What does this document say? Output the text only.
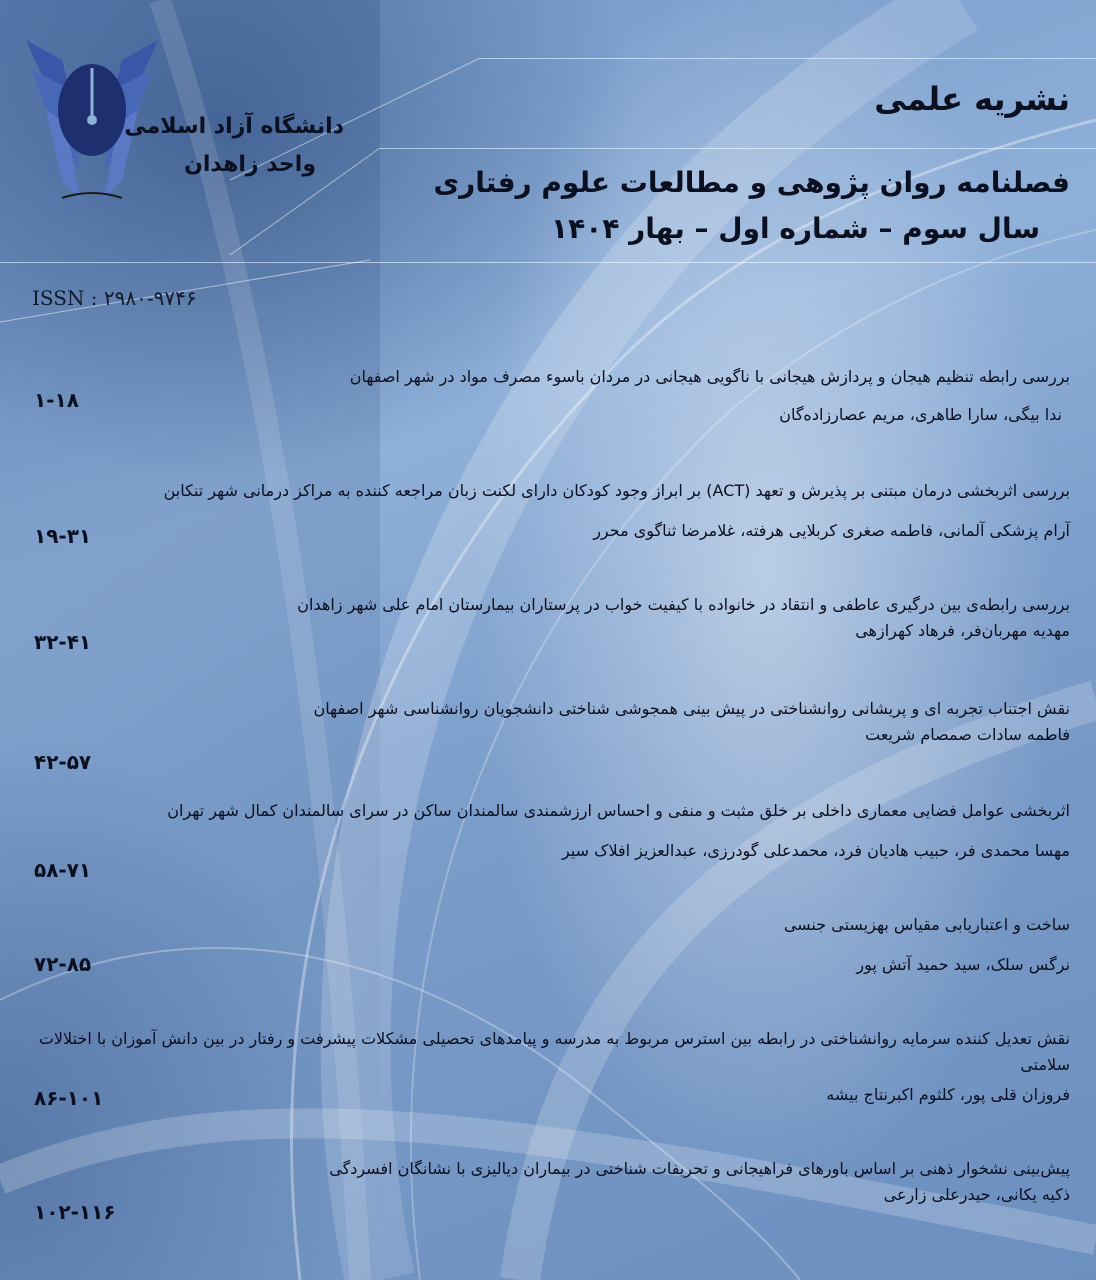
دانشگاه آزاد اسلامی
واحد زاهدان
نشریه علمی
فصلنامه روان پژوهی و مطالعات علوم رفتاری
سال سوم – شماره اول – بهار ۱۴۰۴
ISSN : ۲۹۸۰-۹۷۴۶
بررسی رابطه تنظیم هیجان و پردازش هیجانی با ناگویی هیجانی در مردان باسوء مصرف مواد در شهر اصفهان
ندا بیگی، سارا طاهری، مریم عصارزاده‌گان
۱-۱۸
بررسی اثربخشی درمان مبتنی بر پذیرش و تعهد (ACT) بر ابراز وجود کودکان دارای لکنت زبان مراجعه کننده به مراکز درمانی شهر تنکابن
آرام پزشکی آلمانی، فاطمه صغری کربلایی هرفته، غلامرضا ثناگوی محرر
۱۹-۳۱
بررسی رابطه‌ی بین درگیری عاطفی و انتقاد در خانواده با کیفیت خواب در پرستاران بیمارستان امام علی شهر زاهدان
مهدیه مهربان‌فر، فرهاد کهرازهی
۳۲-۴۱
نقش اجتناب تجربه ای و پریشانی روانشناختی در پیش بینی همجوشی شناختی دانشجویان روانشناسی شهر اصفهان
فاطمه سادات صمصام شریعت
۴۲-۵۷
اثربخشی عوامل فضایی معماری داخلی بر خلق مثبت و منفی و احساس ارزشمندی سالمندان ساکن در سرای سالمندان کمال شهر تهران
مهسا محمدی فر، حبیب هادیان فرد، محمدعلی گودرزی، عبدالعزیز افلاک سیر
۵۸-۷۱
ساخت و اعتباریابی مقیاس بهزیستی جنسی
نرگس سلک، سید حمید آتش پور
۷۲-۸۵
نقش تعدیل کننده سرمایه روانشناختی در رابطه بین استرس مربوط به مدرسه و پیامدهای تحصیلی مشکلات پیشرفت و رفتار در بین دانش آموزان با اختلالات سلامتی
فروزان قلی پور، کلثوم اکبرنتاج بیشه
۸۶-۱۰۱
پیش‌بینی نشخوار ذهنی بر اساس باورهای فراهیجانی و تحریفات شناختی در بیماران دیالیزی با نشانگان افسردگی
ذکیه یکانی، حیدرعلی زارعی
۱۰۲-۱۱۶
